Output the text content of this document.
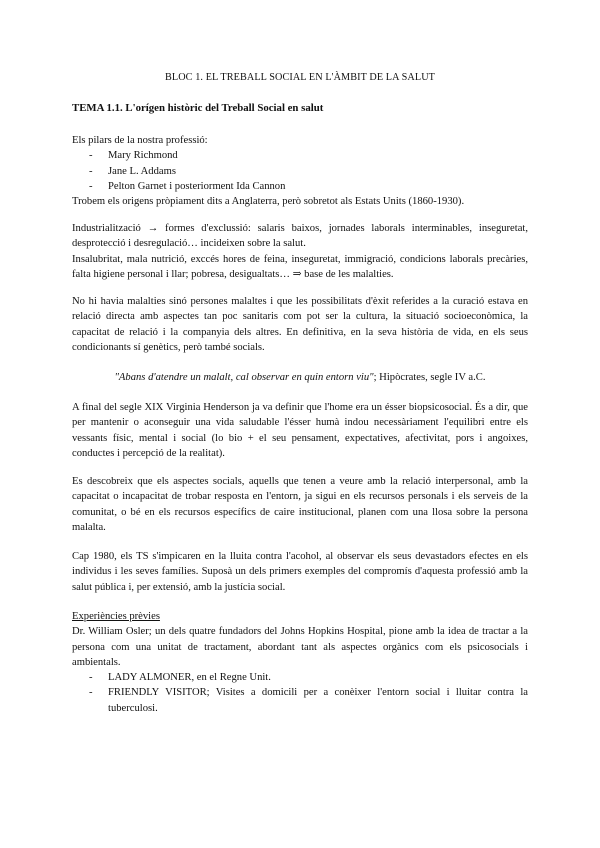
BLOC 1. EL TREBALL SOCIAL EN L'ÀMBIT DE LA SALUT
TEMA 1.1. L'orígen històric del Treball Social en salut

Els pilars de la nostra professió:

- Mary Richmond
- Jane L. Addams
- Pelton Garnet i posteriorment Ida Cannon

Trobem els origens pròpiament dits a Anglaterra, però sobretot als Estats Units (1860-1930).

Industrialització → formes d'exclussió: salaris baixos, jornades laborals interminables, inseguretat, desprotecció i desregulació… incideixen sobre la salut.

Insalubritat, mala nutrició, exccés hores de feina, inseguretat, immigració, condicions laborals precàries, falta higiene personal i llar; pobresa, desigualtats… ⇒ base de les malalties.

No hi havia malalties sinó persones malaltes i que les possibilitats d'èxit referides a la curació estava en relació directa amb aspectes tan poc sanitaris com pot ser la cultura, la situació socioeconòmica, la capacitat de relació i la companyia dels altres. En definitiva, en la seva història de vida, en els seus condicionants sí genètics, però també socials.

"Abans d'atendre un malalt, cal observar en quin entorn viu"; Hipòcrates, segle IV a.C.

A final del segle XIX Virginia Henderson ja va definir que l'home era un ésser biopsicosocial. És a dir, que per mantenir o aconseguir una vida saludable l'ésser humà indou necessàriament l'equilibri entre els vessants físic, mental i social (lo bio + el seu pensament, expectatives, afectivitat, pors i angoixes, conductes i percepció de la realitat).

Es descobreix que els aspectes socials, aquells que tenen a veure amb la relació interpersonal, amb la capacitat o incapacitat de trobar resposta en l'entorn, ja sigui en els recursos personals i els serveis de la comunitat, o bé en els recursos específics de caire institucional, planen com una llosa sobre la persona malalta.

Cap 1980, els TS s'impicaren en la lluita contra l'acohol, al observar els seus devastadors efectes en els individus i les seves famílies. Suposà un dels primers exemples del compromís d'aquesta professió amb la salut pública i, per extensió, amb la justícia social.

Experiències prèvies

Dr. William Osler; un dels quatre fundadors del Johns Hopkins Hospital, pione amb la idea de tractar a la persona com una unitat de tractament, abordant tant als aspectes orgànics com els psicosocials i ambientals.

- LADY ALMONER, en el Regne Unit.
- FRIENDLY VISITOR; Visites a domicili per a conèixer l'entorn social i lluitar contra la tuberculosi.
